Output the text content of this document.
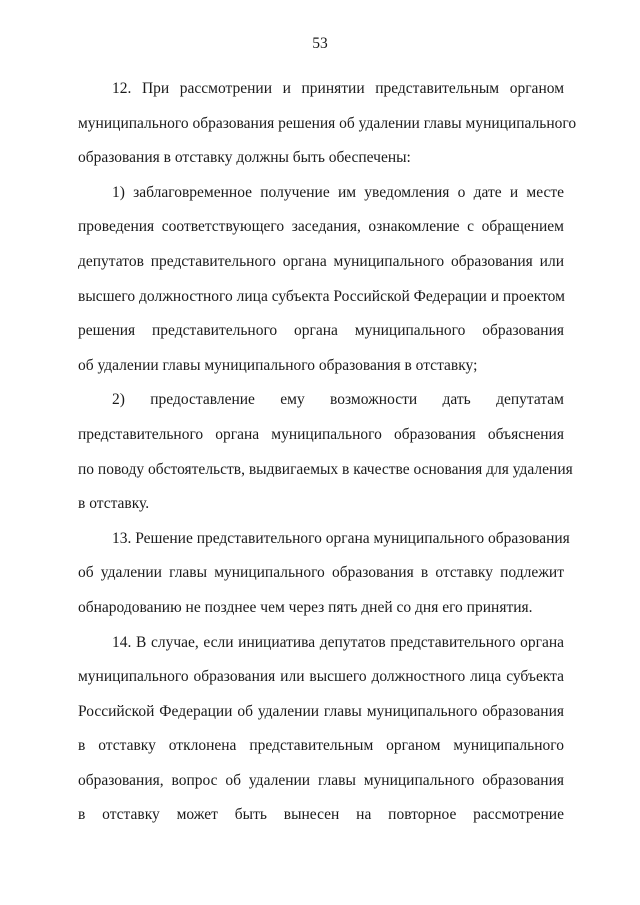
53
12. При рассмотрении и принятии представительным органом
муниципального образования решения об удалении главы муниципального
образования в отставку должны быть обеспечены:
1) заблаговременное получение им уведомления о дате и месте
проведения соответствующего заседания, ознакомление с обращением
депутатов представительного органа муниципального образования или
высшего должностного лица субъекта Российской Федерации и проектом
решения представительного органа муниципального образования
об удалении главы муниципального образования в отставку;
2) предоставление ему возможности дать депутатам
представительного органа муниципального образования объяснения
по поводу обстоятельств, выдвигаемых в качестве основания для удаления
в отставку.
13. Решение представительного органа муниципального образования
об удалении главы муниципального образования в отставку подлежит
обнародованию не позднее чем через пять дней со дня его принятия.
14. В случае, если инициатива депутатов представительного органа
муниципального образования или высшего должностного лица субъекта
Российской Федерации об удалении главы муниципального образования
в отставку отклонена представительным органом муниципального
образования, вопрос об удалении главы муниципального образования
в отставку может быть вынесен на повторное рассмотрение
